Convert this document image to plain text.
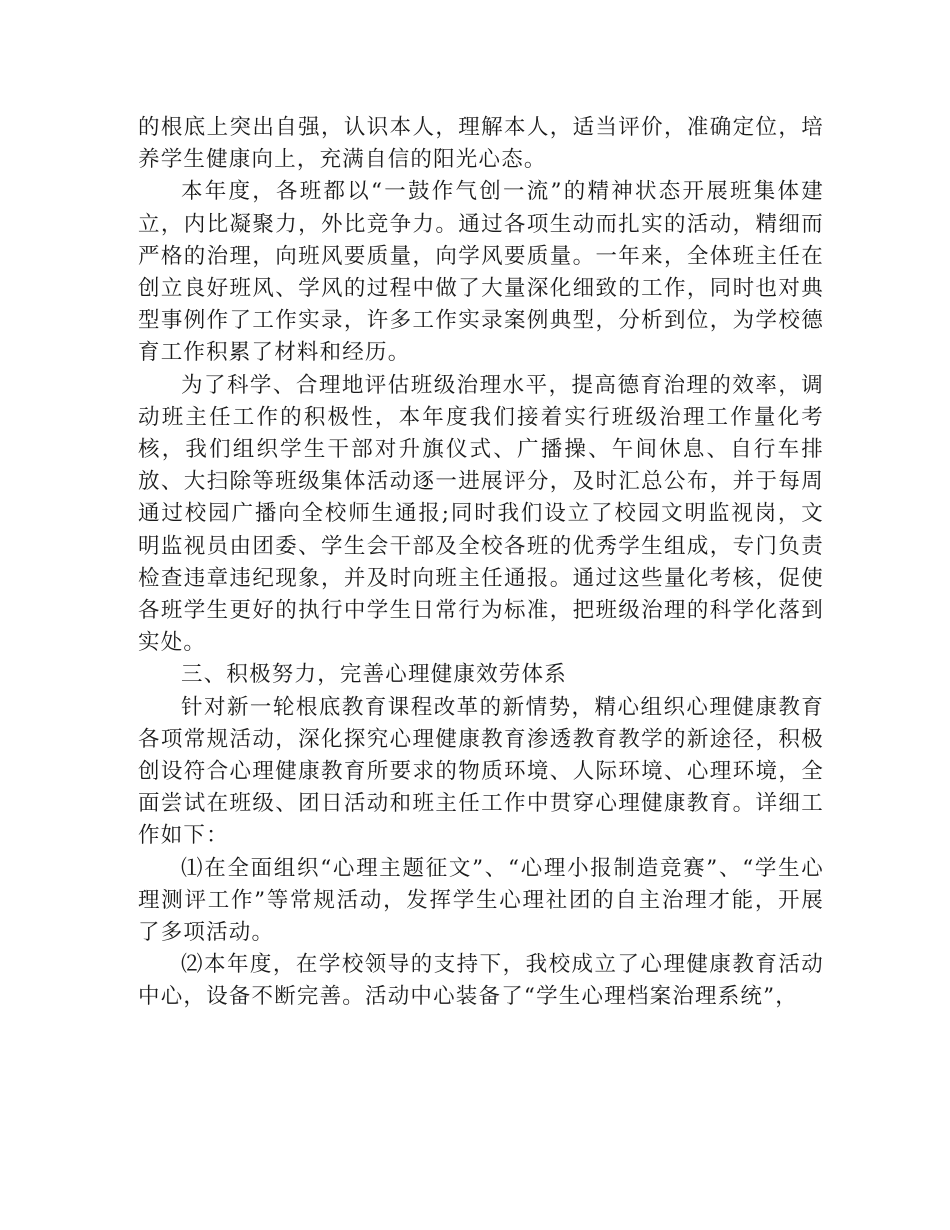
的根底上突出自强，认识本人，理解本人，适当评价，准确定位，培养学生健康向上，充满自信的阳光心态。

本年度，各班都以“一鼓作气创一流”的精神状态开展班集体建立，内比凝聚力，外比竞争力。通过各项生动而扎实的活动，精细而严格的治理，向班风要质量，向学风要质量。一年来，全体班主任在创立良好班风、学风的过程中做了大量深化细致的工作，同时也对典型事例作了工作实录，许多工作实录案例典型，分析到位，为学校德育工作积累了材料和经历。

为了科学、合理地评估班级治理水平，提高德育治理的效率，调动班主任工作的积极性，本年度我们接着实行班级治理工作量化考核，我们组织学生干部对升旗仪式、广播操、午间休息、自行车排放、大扫除等班级集体活动逐一进展评分，及时汇总公布，并于每周通过校园广播向全校师生通报;同时我们设立了校园文明监视岗，文明监视员由团委、学生会干部及全校各班的优秀学生组成，专门负责检查违章违纪现象，并及时向班主任通报。通过这些量化考核，促使各班学生更好的执行中学生日常行为标准，把班级治理的科学化落到实处。

三、积极努力，完善心理健康效劳体系

针对新一轮根底教育课程改革的新情势，精心组织心理健康教育各项常规活动，深化探究心理健康教育渗透教育教学的新途径，积极创设符合心理健康教育所要求的物质环境、人际环境、心理环境，全面尝试在班级、团日活动和班主任工作中贯穿心理健康教育。详细工作如下：

⑴在全面组织“心理主题征文”、“心理小报制造竞赛”、“学生心理测评工作”等常规活动，发挥学生心理社团的自主治理才能，开展了多项活动。

⑵本年度，在学校领导的支持下，我校成立了心理健康教育活动中心，设备不断完善。活动中心装备了“学生心理档案治理系统”，
